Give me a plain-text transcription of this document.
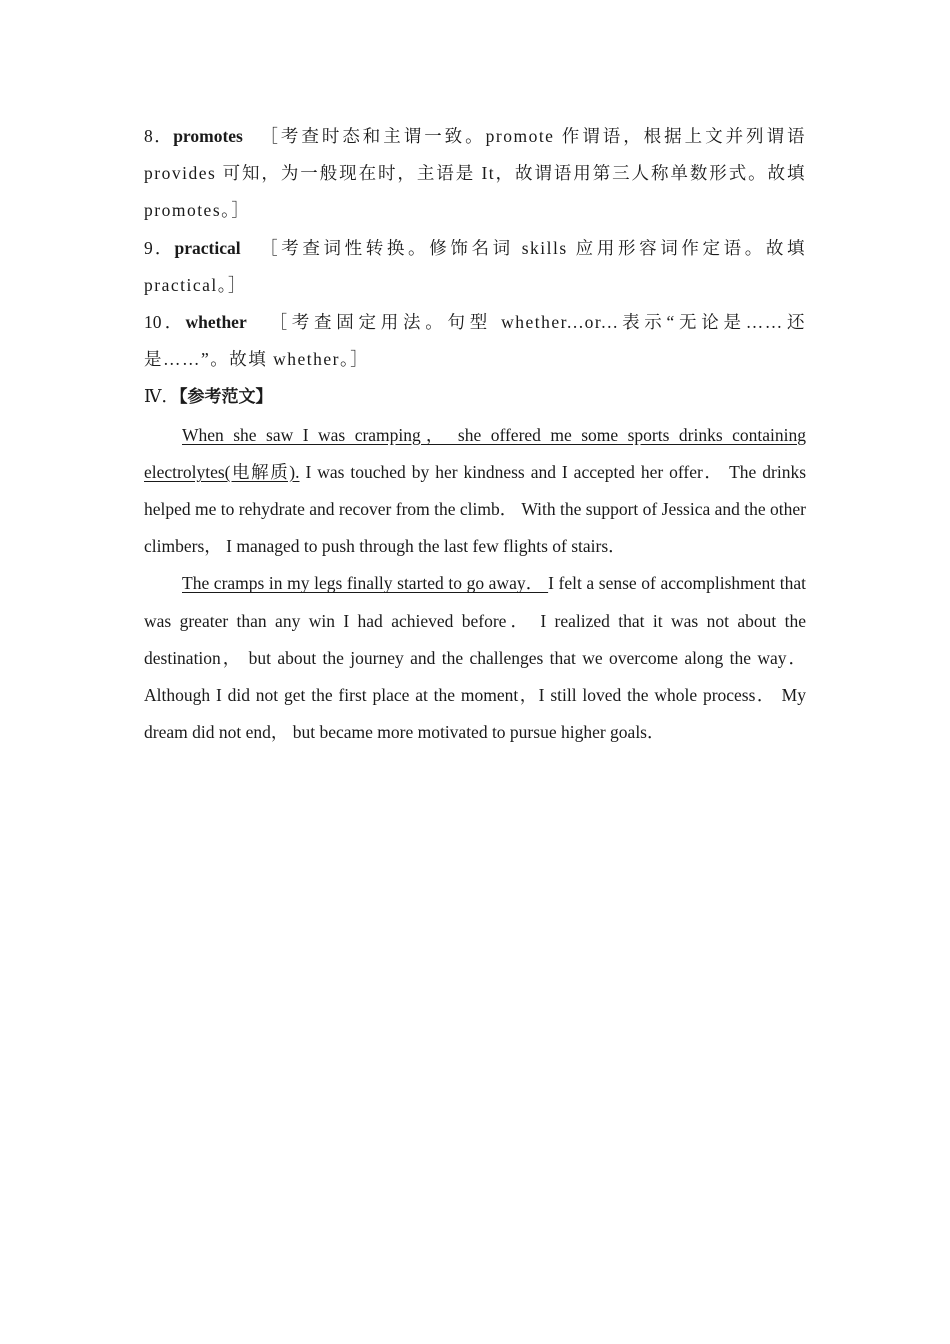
8．promotes ［考查时态和主谓一致。promote 作谓语，根据上文并列谓语 provides 可知，为一般现在时，主语是 It，故谓语用第三人称单数形式。故填 promotes。］

9．practical ［考查词性转换。修饰名词 skills 应用形容词作定语。故填 practical。］

10．whether ［考查固定用法。句型 whether...or...表示“无论是……还是……”。故填 whether。］

Ⅳ．【参考范文】

When she saw I was cramping， she offered me some sports drinks containing electrolytes(电解质). I was touched by her kindness and I accepted her offer． The drinks helped me to rehydrate and recover from the climb． With the support of Jessica and the other climbers， I managed to push through the last few flights of stairs．

The cramps in my legs finally started to go away． I felt a sense of accomplishment that was greater than any win I had achieved before． I realized that it was not about the destination， but about the journey and the challenges that we overcome along the way． Although I did not get the first place at the moment，I still loved the whole process． My dream did not end， but became more motivated to pursue higher goals．
